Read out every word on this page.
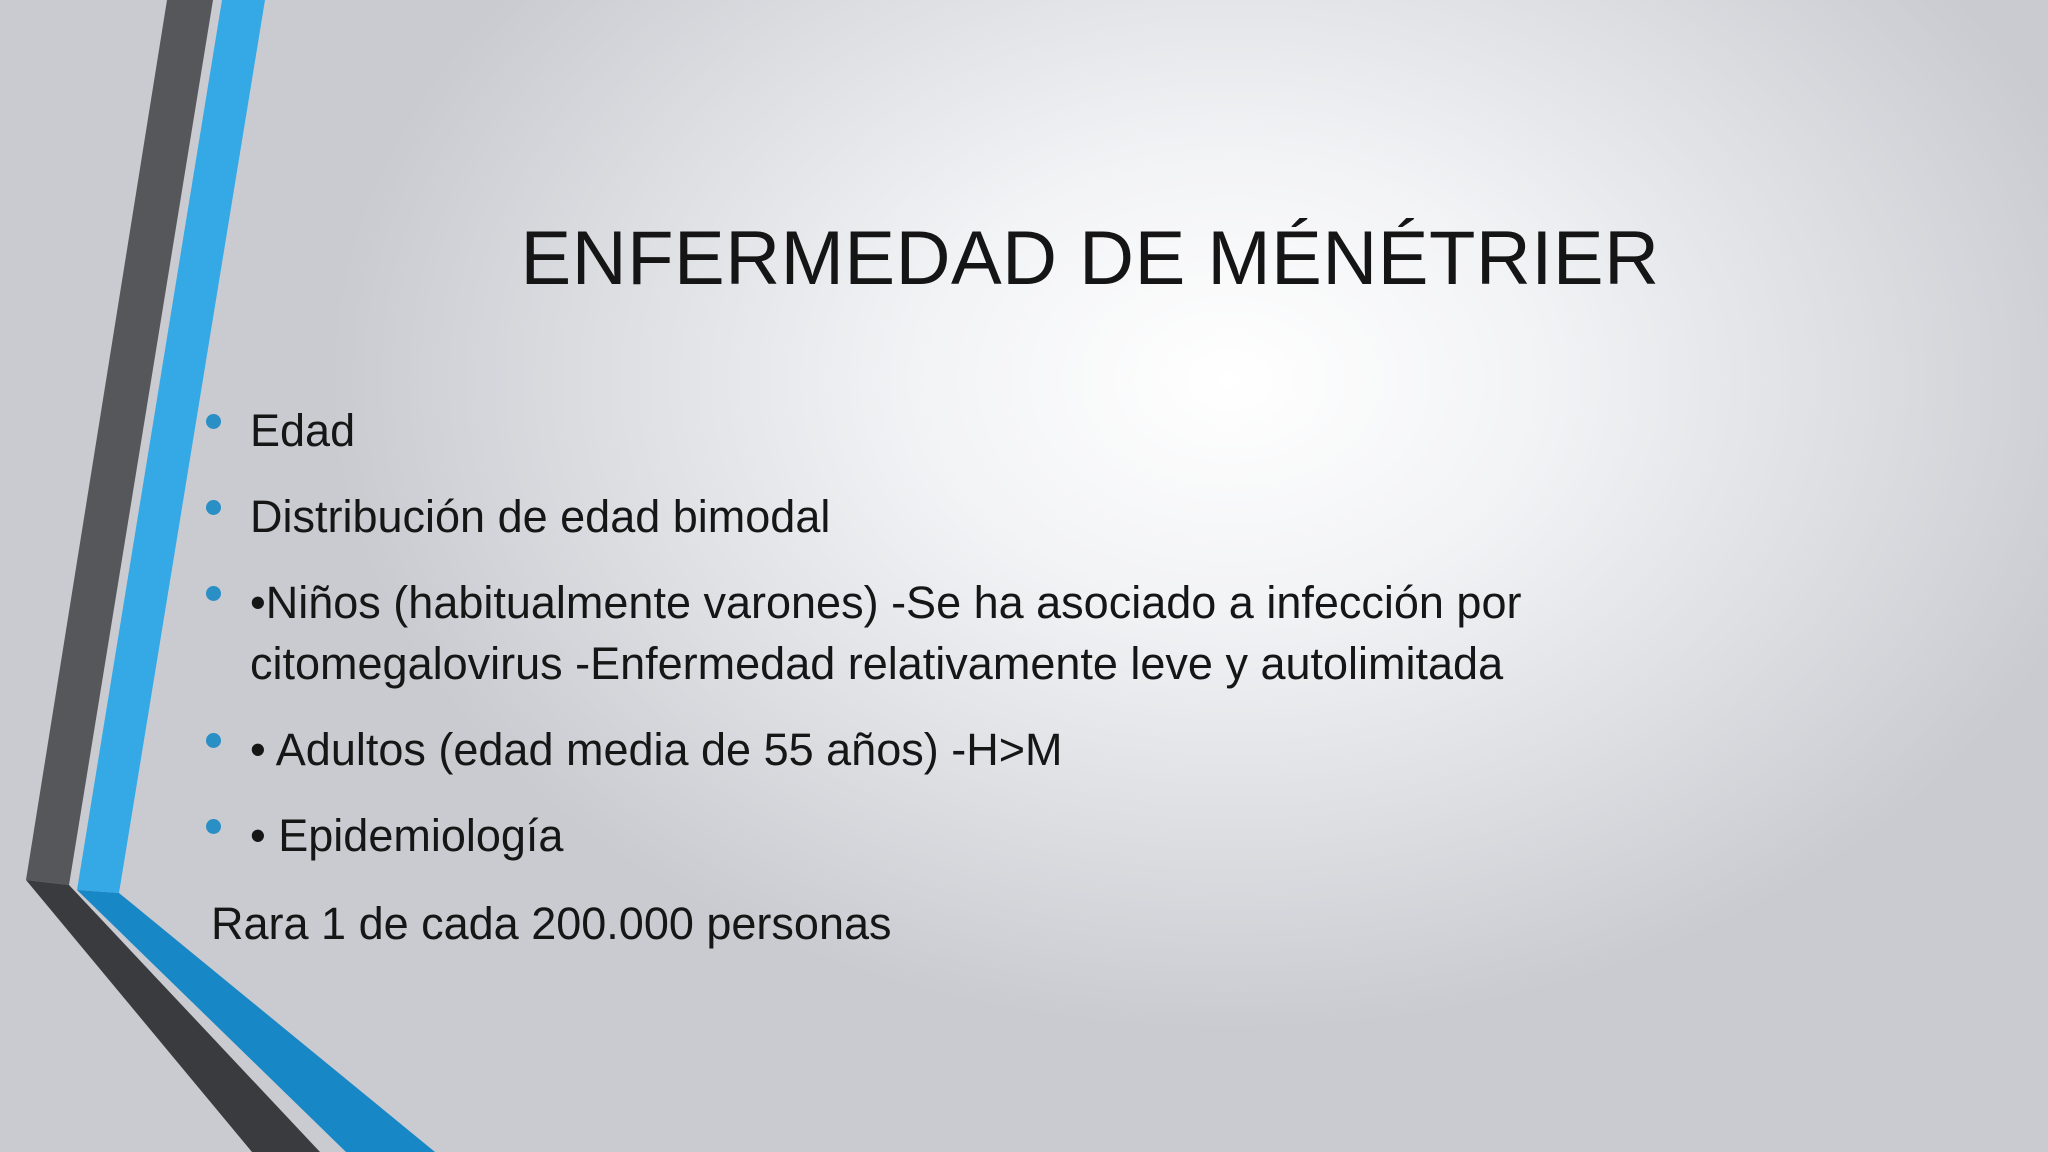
ENFERMEDAD DE MÉNÉTRIER
Edad
Distribución de edad bimodal
•Niños (habitualmente varones) -Se ha asociado a infección por citomegalovirus -Enfermedad relativamente leve y autolimitada
• Adultos (edad media de 55 años) -H>M
• Epidemiología

Rara 1 de cada 200.000 personas
